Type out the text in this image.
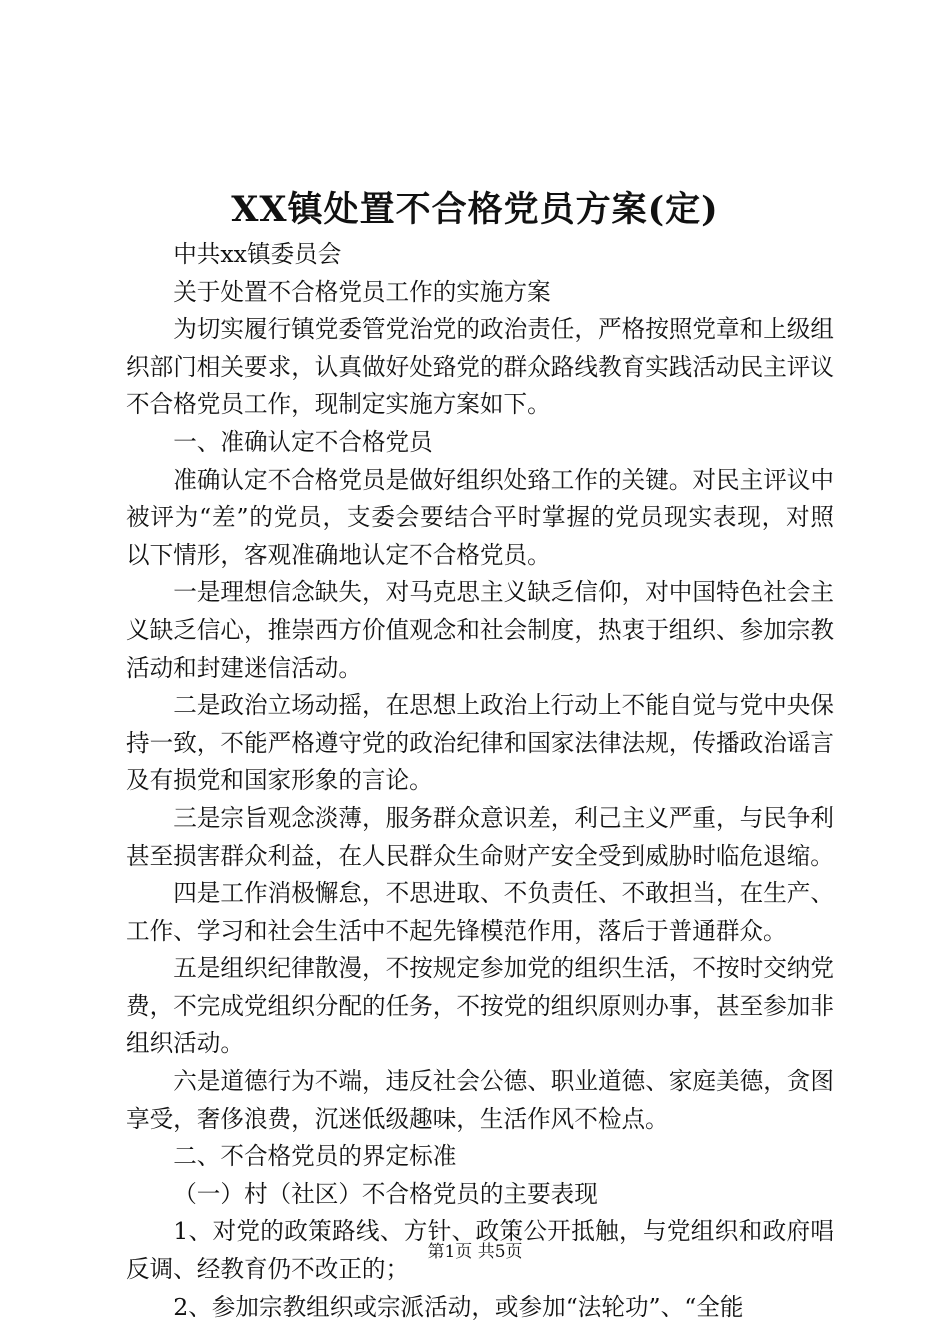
XX镇处置不合格党员方案(定)

中共xx镇委员会

关于处置不合格党员工作的实施方案

为切实履行镇党委管党治党的政治责任，严格按照党章和上级组织部门相关要求，认真做好处臵党的群众路线教育实践活动民主评议不合格党员工作，现制定实施方案如下。

一、准确认定不合格党员

准确认定不合格党员是做好组织处臵工作的关键。对民主评议中被评为“差”的党员，支委会要结合平时掌握的党员现实表现，对照以下情形，客观准确地认定不合格党员。

一是理想信念缺失，对马克思主义缺乏信仰，对中国特色社会主义缺乏信心，推崇西方价值观念和社会制度，热衷于组织、参加宗教活动和封建迷信活动。

二是政治立场动摇，在思想上政治上行动上不能自觉与党中央保持一致，不能严格遵守党的政治纪律和国家法律法规，传播政治谣言及有损党和国家形象的言论。

三是宗旨观念淡薄，服务群众意识差，利己主义严重，与民争利甚至损害群众利益，在人民群众生命财产安全受到威胁时临危退缩。

四是工作消极懈怠，不思进取、不负责任、不敢担当，在生产、工作、学习和社会生活中不起先锋模范作用，落后于普通群众。

五是组织纪律散漫，不按规定参加党的组织生活，不按时交纳党费，不完成党组织分配的任务，不按党的组织原则办事，甚至参加非组织活动。

六是道德行为不端，违反社会公德、职业道德、家庭美德，贪图享受，奢侈浪费，沉迷低级趣味，生活作风不检点。

二、不合格党员的界定标准

（一）村（社区）不合格党员的主要表现

1、对党的政策路线、方针、政策公开抵触，与党组织和政府唱反调、经教育仍不改正的；

2、参加宗教组织或宗派活动，或参加“法轮功”、“全能

第1页 共5页
